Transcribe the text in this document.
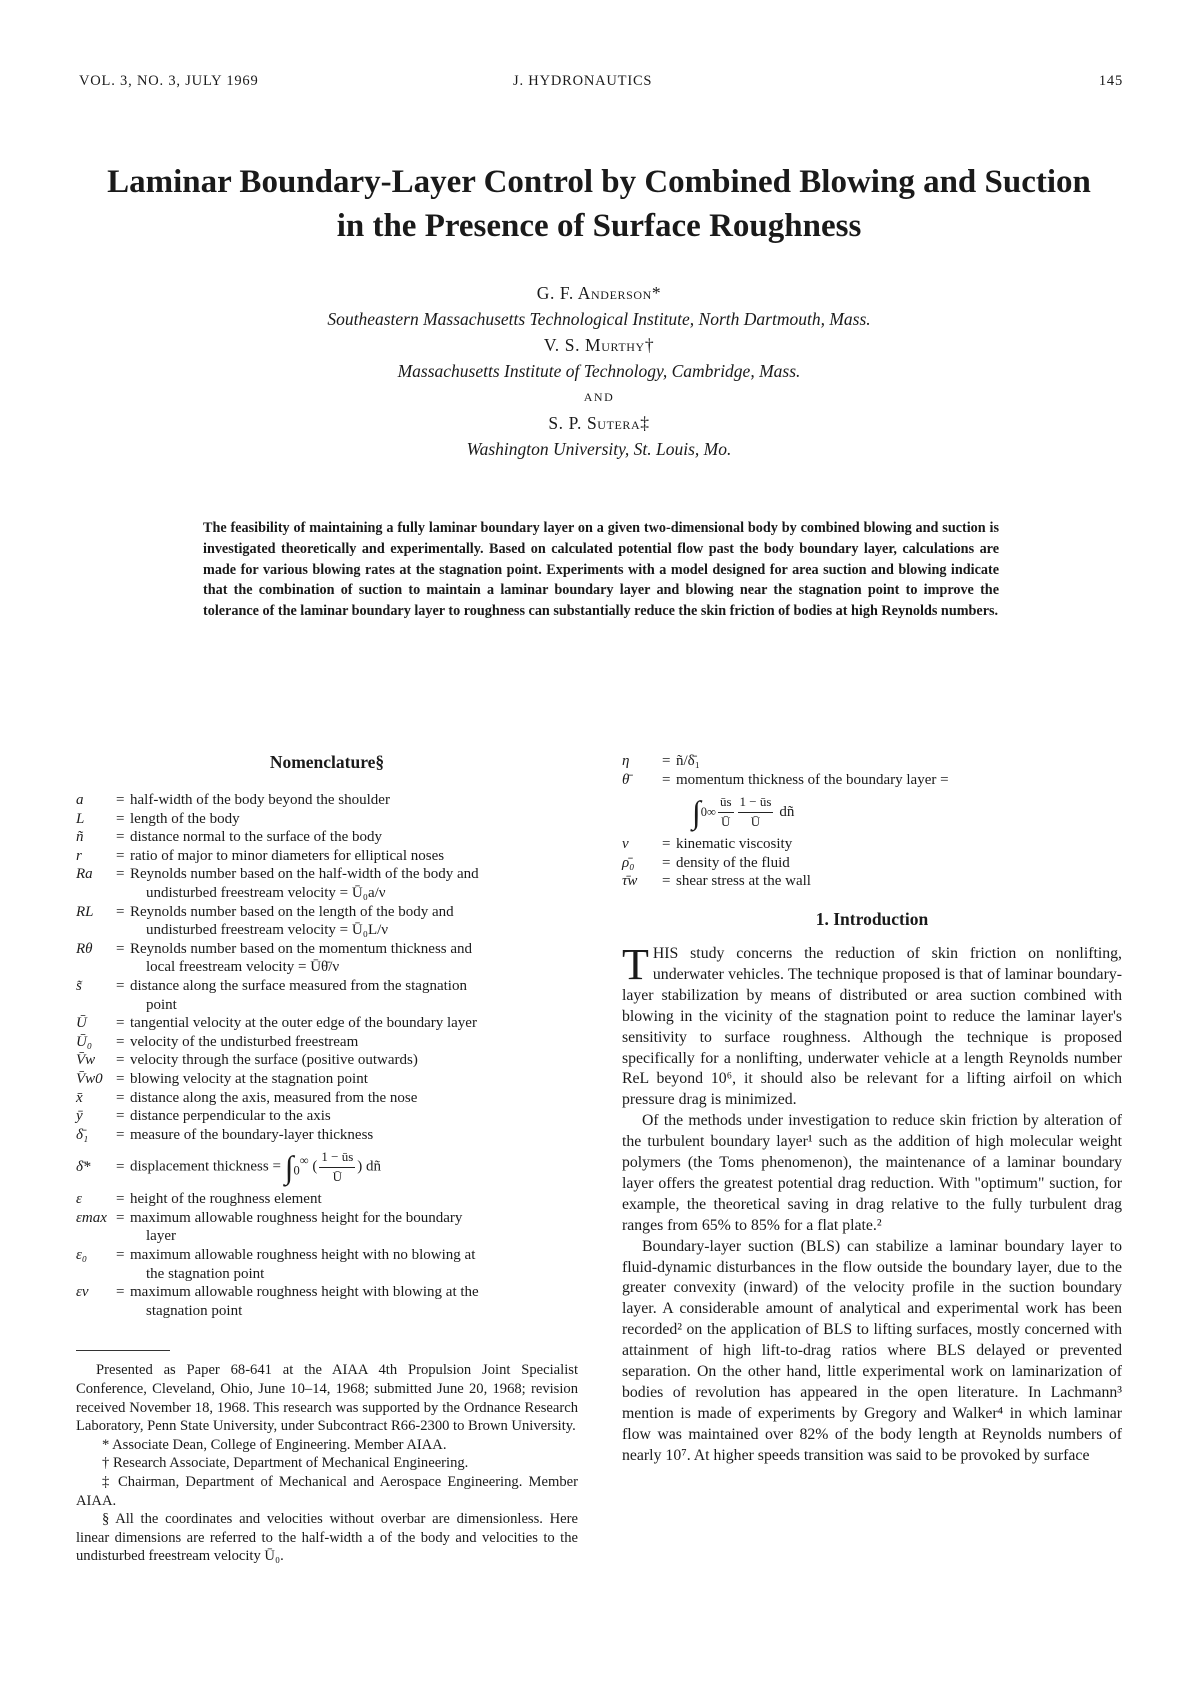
VOL. 3, NO. 3, JULY 1969	J. HYDRONAUTICS	145
Laminar Boundary-Layer Control by Combined Blowing and Suction
in the Presence of Surface Roughness
G. F. Anderson*
Southeastern Massachusetts Technological Institute, North Dartmouth, Mass.
V. S. Murthy†
Massachusetts Institute of Technology, Cambridge, Mass.
AND
S. P. Sutera‡
Washington University, St. Louis, Mo.
The feasibility of maintaining a fully laminar boundary layer on a given two-dimensional body by combined blowing and suction is investigated theoretically and experimentally. Based on calculated potential flow past the body boundary layer, calculations are made for various blowing rates at the stagnation point. Experiments with a model designed for area suction and blowing indicate that the combination of suction to maintain a laminar boundary layer and blowing near the stagnation point to improve the tolerance of the laminar boundary layer to roughness can substantially reduce the skin friction of bodies at high Reynolds numbers.
Nomenclature§
a	= half-width of the body beyond the shoulder
L	= length of the body
ñ	= distance normal to the surface of the body
r	= ratio of major to minor diameters for elliptical noses
Ra	= Reynolds number based on the half-width of the body and
undisturbed freestream velocity = Ū₀a/ν
RL	= Reynolds number based on the length of the body and
undisturbed freestream velocity = Ū₀L/ν
Rθ	= Reynolds number based on the momentum thickness and
local freestream velocity = Ūθ̄/ν
s̃	= distance along the surface measured from the stagnation
point
Ū	= tangential velocity at the outer edge of the boundary layer
Ū₀	= velocity of the undisturbed freestream
V̄w	= velocity through the surface (positive outwards)
V̄w0 = blowing velocity at the stagnation point
x̄	= distance along the axis, measured from the nose
ȳ	= distance perpendicular to the axis
δ̄₁	= measure of the boundary-layer thickness
δ̄*	= displacement thickness = $\int_0^\infty$ ( $\frac{1 - ūs}{Ū}$ ) dñ
ε	= height of the roughness element
εmax = maximum allowable roughness height for the boundary
layer
ε₀	= maximum allowable roughness height with no blowing at
the stagnation point
εv	= maximum allowable roughness height with blowing at the
stagnation point

Presented as Paper 68-641 at the AIAA 4th Propulsion Joint Specialist Conference, Cleveland, Ohio, June 10–14, 1968; submitted June 20, 1968; revision received November 18, 1968. This research was supported by the Ordnance Research Laboratory, Penn State University, under Subcontract R66-2300 to Brown University.

* Associate Dean, College of Engineering. Member AIAA.

† Research Associate, Department of Mechanical Engineering.

‡ Chairman, Department of Mechanical and Aerospace Engineering. Member AIAA.

§ All the coordinates and velocities without overbar are dimensionless. Here linear dimensions are referred to the half-width a of the body and velocities to the undisturbed freestream velocity Ū₀.

η	= ñ/δ̄₁
θ̄	= momentum thickness of the boundary layer =
∫ 0 ∞ $\frac{ūs}{Ū} \frac{1 - ūs}{Ū}$ dñ
ν	= kinematic viscosity
ρ̄₀	= density of the fluid
τ̄w	= shear stress at the wall
1. Introduction

THIS study concerns the reduction of skin friction on nonlifting, underwater vehicles. The technique proposed is that of laminar boundary-layer stabilization by means of distributed or area suction combined with blowing in the vicinity of the stagnation point to reduce the laminar layer's sensitivity to surface roughness. Although the technique is proposed specifically for a nonlifting, underwater vehicle at a length Reynolds number ReL beyond 10⁶, it should also be relevant for a lifting airfoil on which pressure drag is minimized.

Of the methods under investigation to reduce skin friction by alteration of the turbulent boundary layer¹ such as the addition of high molecular weight polymers (the Toms phenomenon), the maintenance of a laminar boundary layer offers the greatest potential drag reduction. With "optimum" suction, for example, the theoretical saving in drag relative to the fully turbulent drag ranges from 65% to 85% for a flat plate.²

Boundary-layer suction (BLS) can stabilize a laminar boundary layer to fluid-dynamic disturbances in the flow outside the boundary layer, due to the greater convexity (inward) of the velocity profile in the suction boundary layer. A considerable amount of analytical and experimental work has been recorded² on the application of BLS to lifting surfaces, mostly concerned with attainment of high lift-to-drag ratios where BLS delayed or prevented separation. On the other hand, little experimental work on laminarization of bodies of revolution has appeared in the open literature. In Lachmann³ mention is made of experiments by Gregory and Walker⁴ in which laminar flow was maintained over 82% of the body length at Reynolds numbers of nearly 10⁷. At higher speeds transition was said to be provoked by surface
